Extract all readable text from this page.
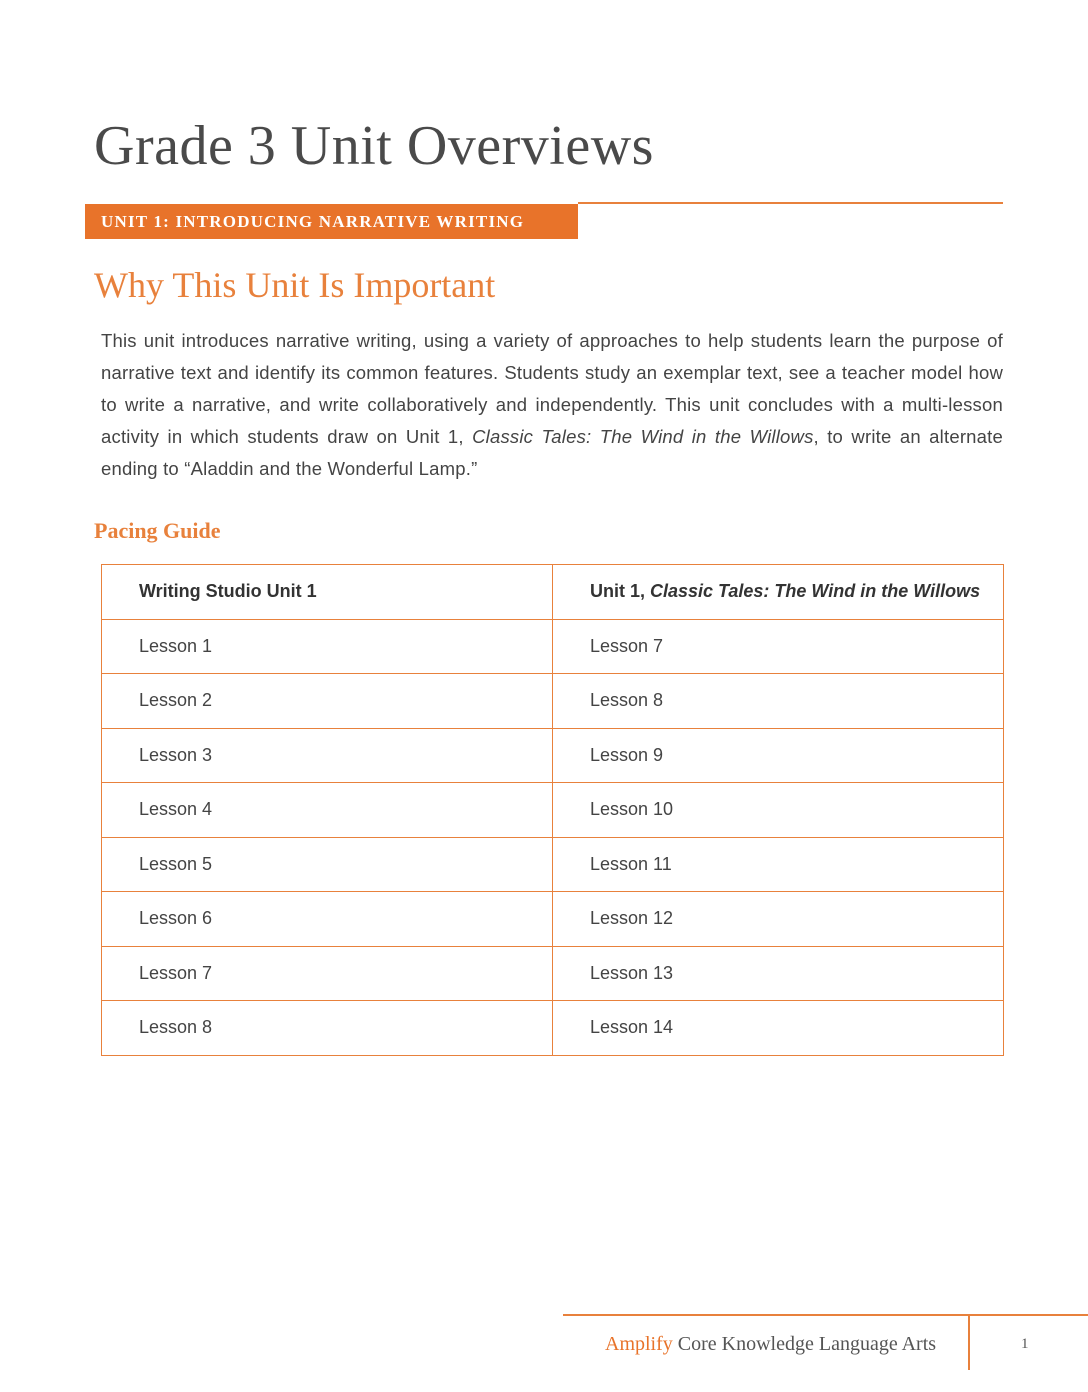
Grade 3 Unit Overviews
UNIT 1: INTRODUCING NARRATIVE WRITING
Why This Unit Is Important

This unit introduces narrative writing, using a variety of approaches to help students learn the purpose of narrative text and identify its common features. Students study an exemplar text, see a teacher model how to write a narrative, and write collaboratively and independently. This unit concludes with a multi-lesson activity in which students draw on Unit 1, Classic Tales: The Wind in the Willows, to write an alternate ending to “Aladdin and the Wonderful Lamp.”

Pacing Guide
Writing Studio Unit 1	Unit 1, Classic Tales: The Wind in the Willows
Lesson 1	Lesson 7
Lesson 2	Lesson 8
Lesson 3	Lesson 9
Lesson 4	Lesson 10
Lesson 5	Lesson 11
Lesson 6	Lesson 12
Lesson 7	Lesson 13
Lesson 8	Lesson 14
Amplify Core Knowledge Language Arts	1
